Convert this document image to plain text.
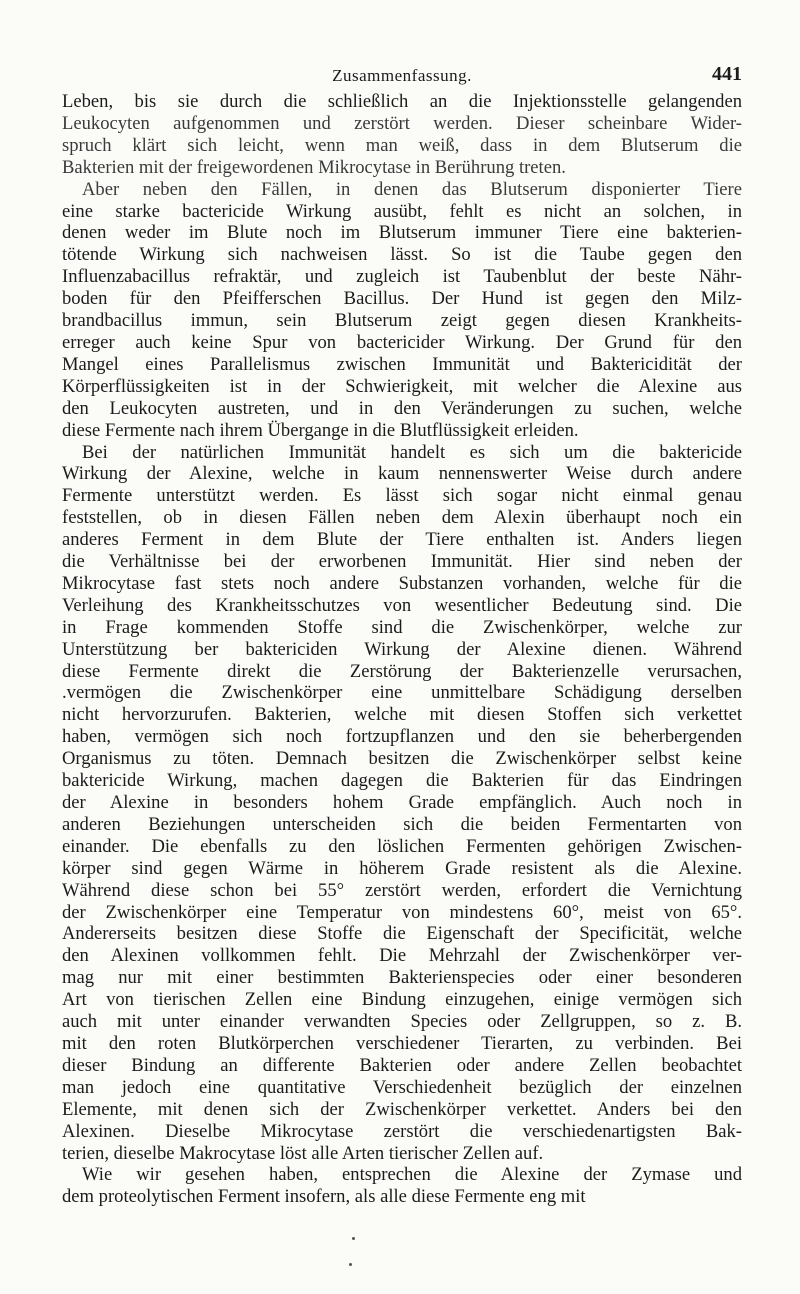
Zusammenfassung.	441

Leben, bis sie durch die schließlich an die Injektionsstelle gelangenden

Leukocyten aufgenommen und zerstört werden. Dieser scheinbare Wider-

spruch klärt sich leicht, wenn man weiß, dass in dem Blutserum die

Bakterien mit der freigewordenen Mikrocytase in Berührung treten.

Aber neben den Fällen, in denen das Blutserum disponierter Tiere

eine starke bactericide Wirkung ausübt, fehlt es nicht an solchen, in

denen weder im Blute noch im Blutserum immuner Tiere eine bakterien-

tötende Wirkung sich nachweisen lässt. So ist die Taube gegen den

Influenzabacillus refraktär, und zugleich ist Taubenblut der beste Nähr-

boden für den Pfeifferschen Bacillus. Der Hund ist gegen den Milz-

brandbacillus immun, sein Blutserum zeigt gegen diesen Krankheits-

erreger auch keine Spur von bactericider Wirkung. Der Grund für den

Mangel eines Parallelismus zwischen Immunität und Baktericidität der

Körperflüssigkeiten ist in der Schwierigkeit, mit welcher die Alexine aus

den Leukocyten austreten, und in den Veränderungen zu suchen, welche

diese Fermente nach ihrem Übergange in die Blutflüssigkeit erleiden.

Bei der natürlichen Immunität handelt es sich um die baktericide

Wirkung der Alexine, welche in kaum nennenswerter Weise durch andere

Fermente unterstützt werden. Es lässt sich sogar nicht einmal genau

feststellen, ob in diesen Fällen neben dem Alexin überhaupt noch ein

anderes Ferment in dem Blute der Tiere enthalten ist. Anders liegen

die Verhältnisse bei der erworbenen Immunität. Hier sind neben der

Mikrocytase fast stets noch andere Substanzen vorhanden, welche für die

Verleihung des Krankheitsschutzes von wesentlicher Bedeutung sind. Die

in Frage kommenden Stoffe sind die Zwischenkörper, welche zur

Unterstützung ber baktericiden Wirkung der Alexine dienen. Während

diese Fermente direkt die Zerstörung der Bakterienzelle verursachen,

.vermögen die Zwischenkörper eine unmittelbare Schädigung derselben

nicht hervorzurufen. Bakterien, welche mit diesen Stoffen sich verkettet

haben, vermögen sich noch fortzupflanzen und den sie beherbergenden

Organismus zu töten. Demnach besitzen die Zwischenkörper selbst keine

baktericide Wirkung, machen dagegen die Bakterien für das Eindringen

der Alexine in besonders hohem Grade empfänglich. Auch noch in

anderen Beziehungen unterscheiden sich die beiden Fermentarten von

einander. Die ebenfalls zu den löslichen Fermenten gehörigen Zwischen-

körper sind gegen Wärme in höherem Grade resistent als die Alexine.

Während diese schon bei 55° zerstört werden, erfordert die Vernichtung

der Zwischenkörper eine Temperatur von mindestens 60°, meist von 65°.

Andererseits besitzen diese Stoffe die Eigenschaft der Specificität, welche

den Alexinen vollkommen fehlt. Die Mehrzahl der Zwischenkörper ver-

mag nur mit einer bestimmten Bakterienspecies oder einer besonderen

Art von tierischen Zellen eine Bindung einzugehen, einige vermögen sich

auch mit unter einander verwandten Species oder Zellgruppen, so z. B.

mit den roten Blutkörperchen verschiedener Tierarten, zu verbinden. Bei

dieser Bindung an differente Bakterien oder andere Zellen beobachtet

man jedoch eine quantitative Verschiedenheit bezüglich der einzelnen

Elemente, mit denen sich der Zwischenkörper verkettet. Anders bei den

Alexinen. Dieselbe Mikrocytase zerstört die verschiedenartigsten Bak-

terien, dieselbe Makrocytase löst alle Arten tierischer Zellen auf.

Wie wir gesehen haben, entsprechen die Alexine der Zymase und

dem proteolytischen Ferment insofern, als alle diese Fermente eng mit
